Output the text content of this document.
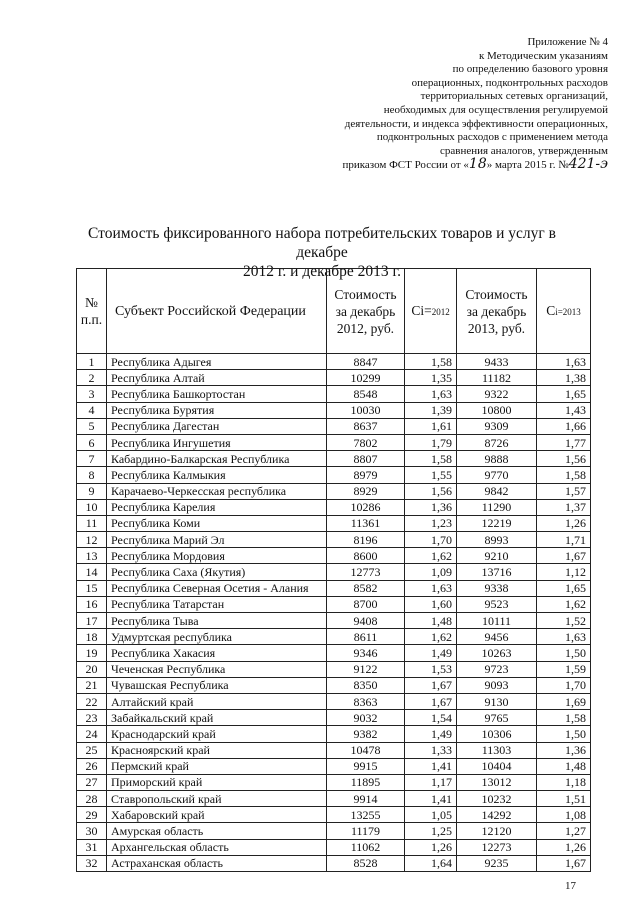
Приложение № 4
к Методическим указаниям
по определению базового уровня
операционных, подконтрольных расходов
территориальных сетевых организаций,
необходимых для осуществления регулируемой
деятельности, и индекса эффективности операционных,
подконтрольных расходов с применением метода
сравнения аналогов, утвержденным
приказом ФСТ России от «18» марта 2015 г. №421-э
Стоимость фиксированного набора потребительских товаров и услуг в декабре
2012 г. и декабре 2013 г.
№ п.п.	Субъект Российской Федерации	Стоимость за декабрь 2012, руб.	Ci=2012	Стоимость за декабрь 2013, руб.	Ci=2013
1	Республика Адыгея	8847	1,58	9433	1,63
2	Республика Алтай	10299	1,35	11182	1,38
3	Республика Башкортостан	8548	1,63	9322	1,65
4	Республика Бурятия	10030	1,39	10800	1,43
5	Республика Дагестан	8637	1,61	9309	1,66
6	Республика Ингушетия	7802	1,79	8726	1,77
7	Кабардино-Балкарская Республика	8807	1,58	9888	1,56
8	Республика Калмыкия	8979	1,55	9770	1,58
9	Карачаево-Черкесская республика	8929	1,56	9842	1,57
10	Республика Карелия	10286	1,36	11290	1,37
11	Республика Коми	11361	1,23	12219	1,26
12	Республика Марий Эл	8196	1,70	8993	1,71
13	Республика Мордовия	8600	1,62	9210	1,67
14	Республика Саха (Якутия)	12773	1,09	13716	1,12
15	Республика Северная Осетия - Алания	8582	1,63	9338	1,65
16	Республика Татарстан	8700	1,60	9523	1,62
17	Республика Тыва	9408	1,48	10111	1,52
18	Удмуртская республика	8611	1,62	9456	1,63
19	Республика Хакасия	9346	1,49	10263	1,50
20	Чеченская Республика	9122	1,53	9723	1,59
21	Чувашская Республика	8350	1,67	9093	1,70
22	Алтайский край	8363	1,67	9130	1,69
23	Забайкальский край	9032	1,54	9765	1,58
24	Краснодарский край	9382	1,49	10306	1,50
25	Красноярский край	10478	1,33	11303	1,36
26	Пермский край	9915	1,41	10404	1,48
27	Приморский край	11895	1,17	13012	1,18
28	Ставропольский край	9914	1,41	10232	1,51
29	Хабаровский край	13255	1,05	14292	1,08
30	Амурская область	11179	1,25	12120	1,27
31	Архангельская область	11062	1,26	12273	1,26
32	Астраханская область	8528	1,64	9235	1,67
17
